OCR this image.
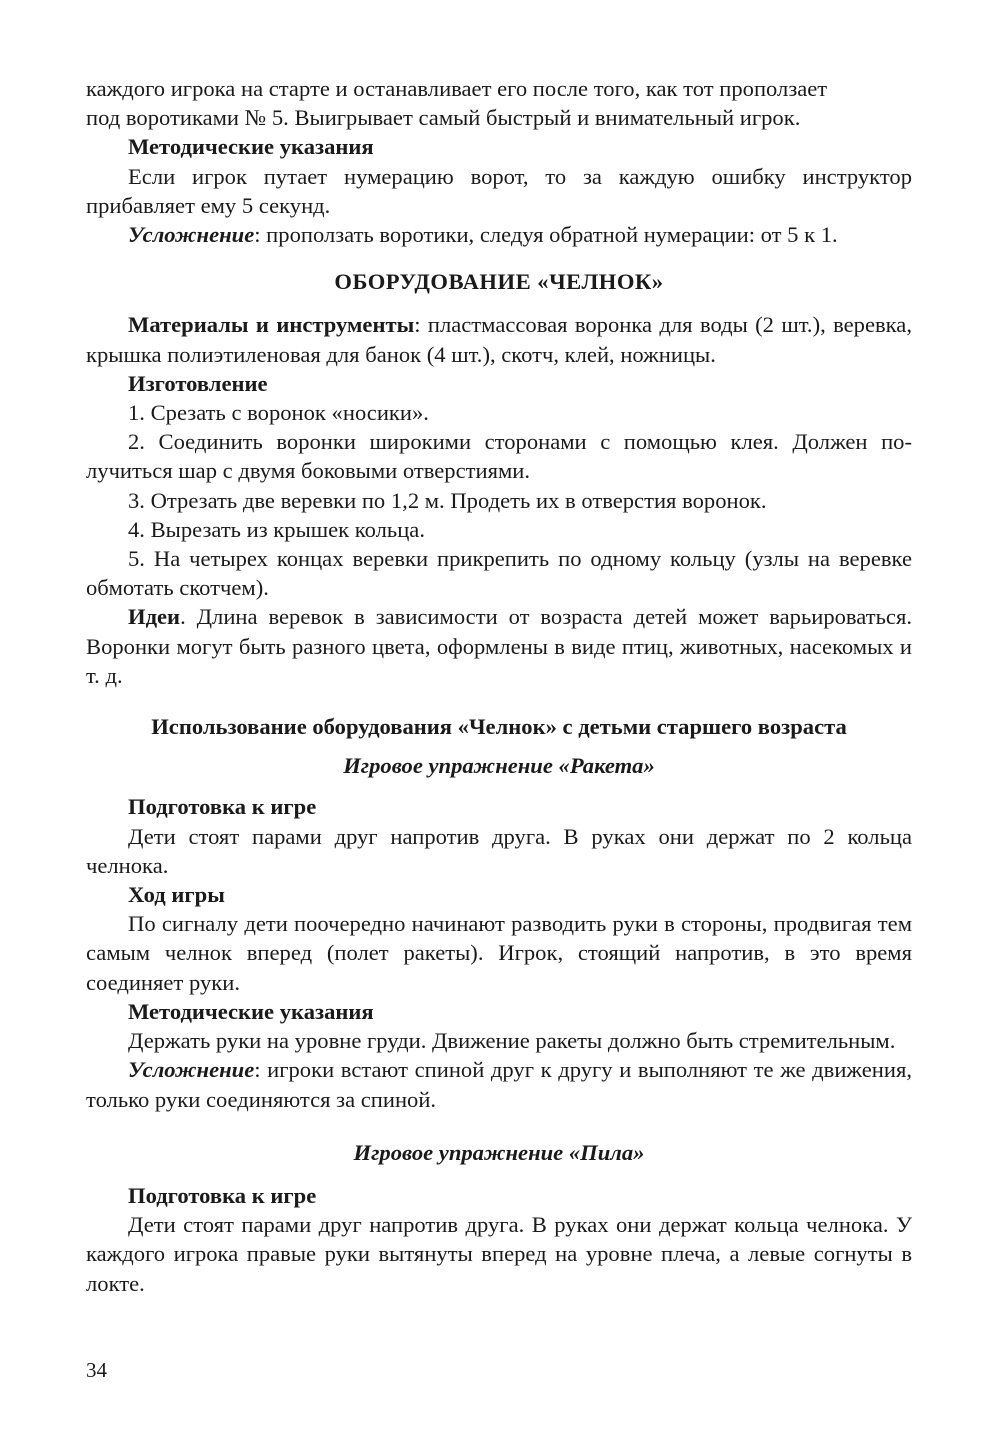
каждого игрока на старте и останавливает его после того, как тот проползает

под воротиками № 5. Выигрывает самый быстрый и внимательный игрок.

Методические указания

Если игрок путает нумерацию ворот, то за каждую ошибку инструктор прибавляет ему 5 секунд.

Усложнение: проползать воротики, следуя обратной нумерации: от 5 к 1.

ОБОРУДОВАНИЕ «ЧЕЛНОК»

Материалы и инструменты: пластмассовая воронка для воды (2 шт.), веревка, крышка полиэтиленовая для банок (4 шт.), скотч, клей, ножницы.

Изготовление

1. Срезать с воронок «носики».

2. Соединить воронки широкими сторонами с помощью клея. Должен получиться шар с двумя боковыми отверстиями.

3. Отрезать две веревки по 1,2 м. Продеть их в отверстия воронок.

4. Вырезать из крышек кольца.

5. На четырех концах веревки прикрепить по одному кольцу (узлы на веревке обмотать скотчем).

Идеи. Длина веревок в зависимости от возраста детей может варьироваться. Воронки могут быть разного цвета, оформлены в виде птиц, животных, насекомых и т. д.

Использование оборудования «Челнок» с детьми старшего возраста

Игровое упражнение «Ракета»

Подготовка к игре

Дети стоят парами друг напротив друга. В руках они держат по 2 кольца челнока.

Ход игры

По сигналу дети поочередно начинают разводить руки в стороны, продвигая тем самым челнок вперед (полет ракеты). Игрок, стоящий напротив, в это время соединяет руки.

Методические указания

Держать руки на уровне груди. Движение ракеты должно быть стремительным.

Усложнение: игроки встают спиной друг к другу и выполняют те же движения, только руки соединяются за спиной.

Игровое упражнение «Пила»

Подготовка к игре

Дети стоят парами друг напротив друга. В руках они держат кольца челнока. У каждого игрока правые руки вытянуты вперед на уровне плеча, а левые согнуты в локте.

34
